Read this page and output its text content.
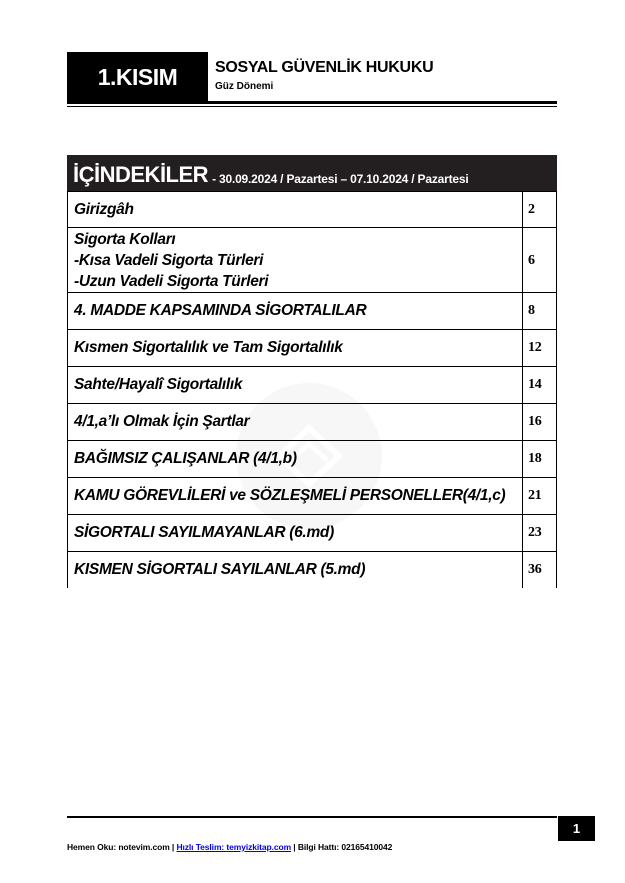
1.KISIM	SOSYAL GÜVENLİK HUKUKU
Güz Dönemi
İÇİNDEKİLER - 30.09.2024 / Pazartesi – 07.10.2024 / Pazartesi
Girizgâh	2

Sigorta Kolları
-Kısa Vadeli Sigorta Türleri
-Uzun Vadeli Sigorta Türleri	6
4. MADDE KAPSAMINDA SİGORTALILAR	8
Kısmen Sigortalılık ve Tam Sigortalılık	12
Sahte/Hayalî Sigortalılık	14
4/1,a’lı Olmak İçin Şartlar	16
BAĞIMSIZ ÇALIŞANLAR (4/1,b)	18
KAMU GÖREVLİLERİ ve SÖZLEŞMELİ PERSONELLER(4/1,c)	21
SİGORTALI SAYILMAYANLAR (6.md)	23
KISMEN SİGORTALI SAYILANLAR (5.md)	36
1
Hemen Oku: notevim.com | Hızlı Teslim: temyizkitap.com | Bilgi Hattı: 02165410042
